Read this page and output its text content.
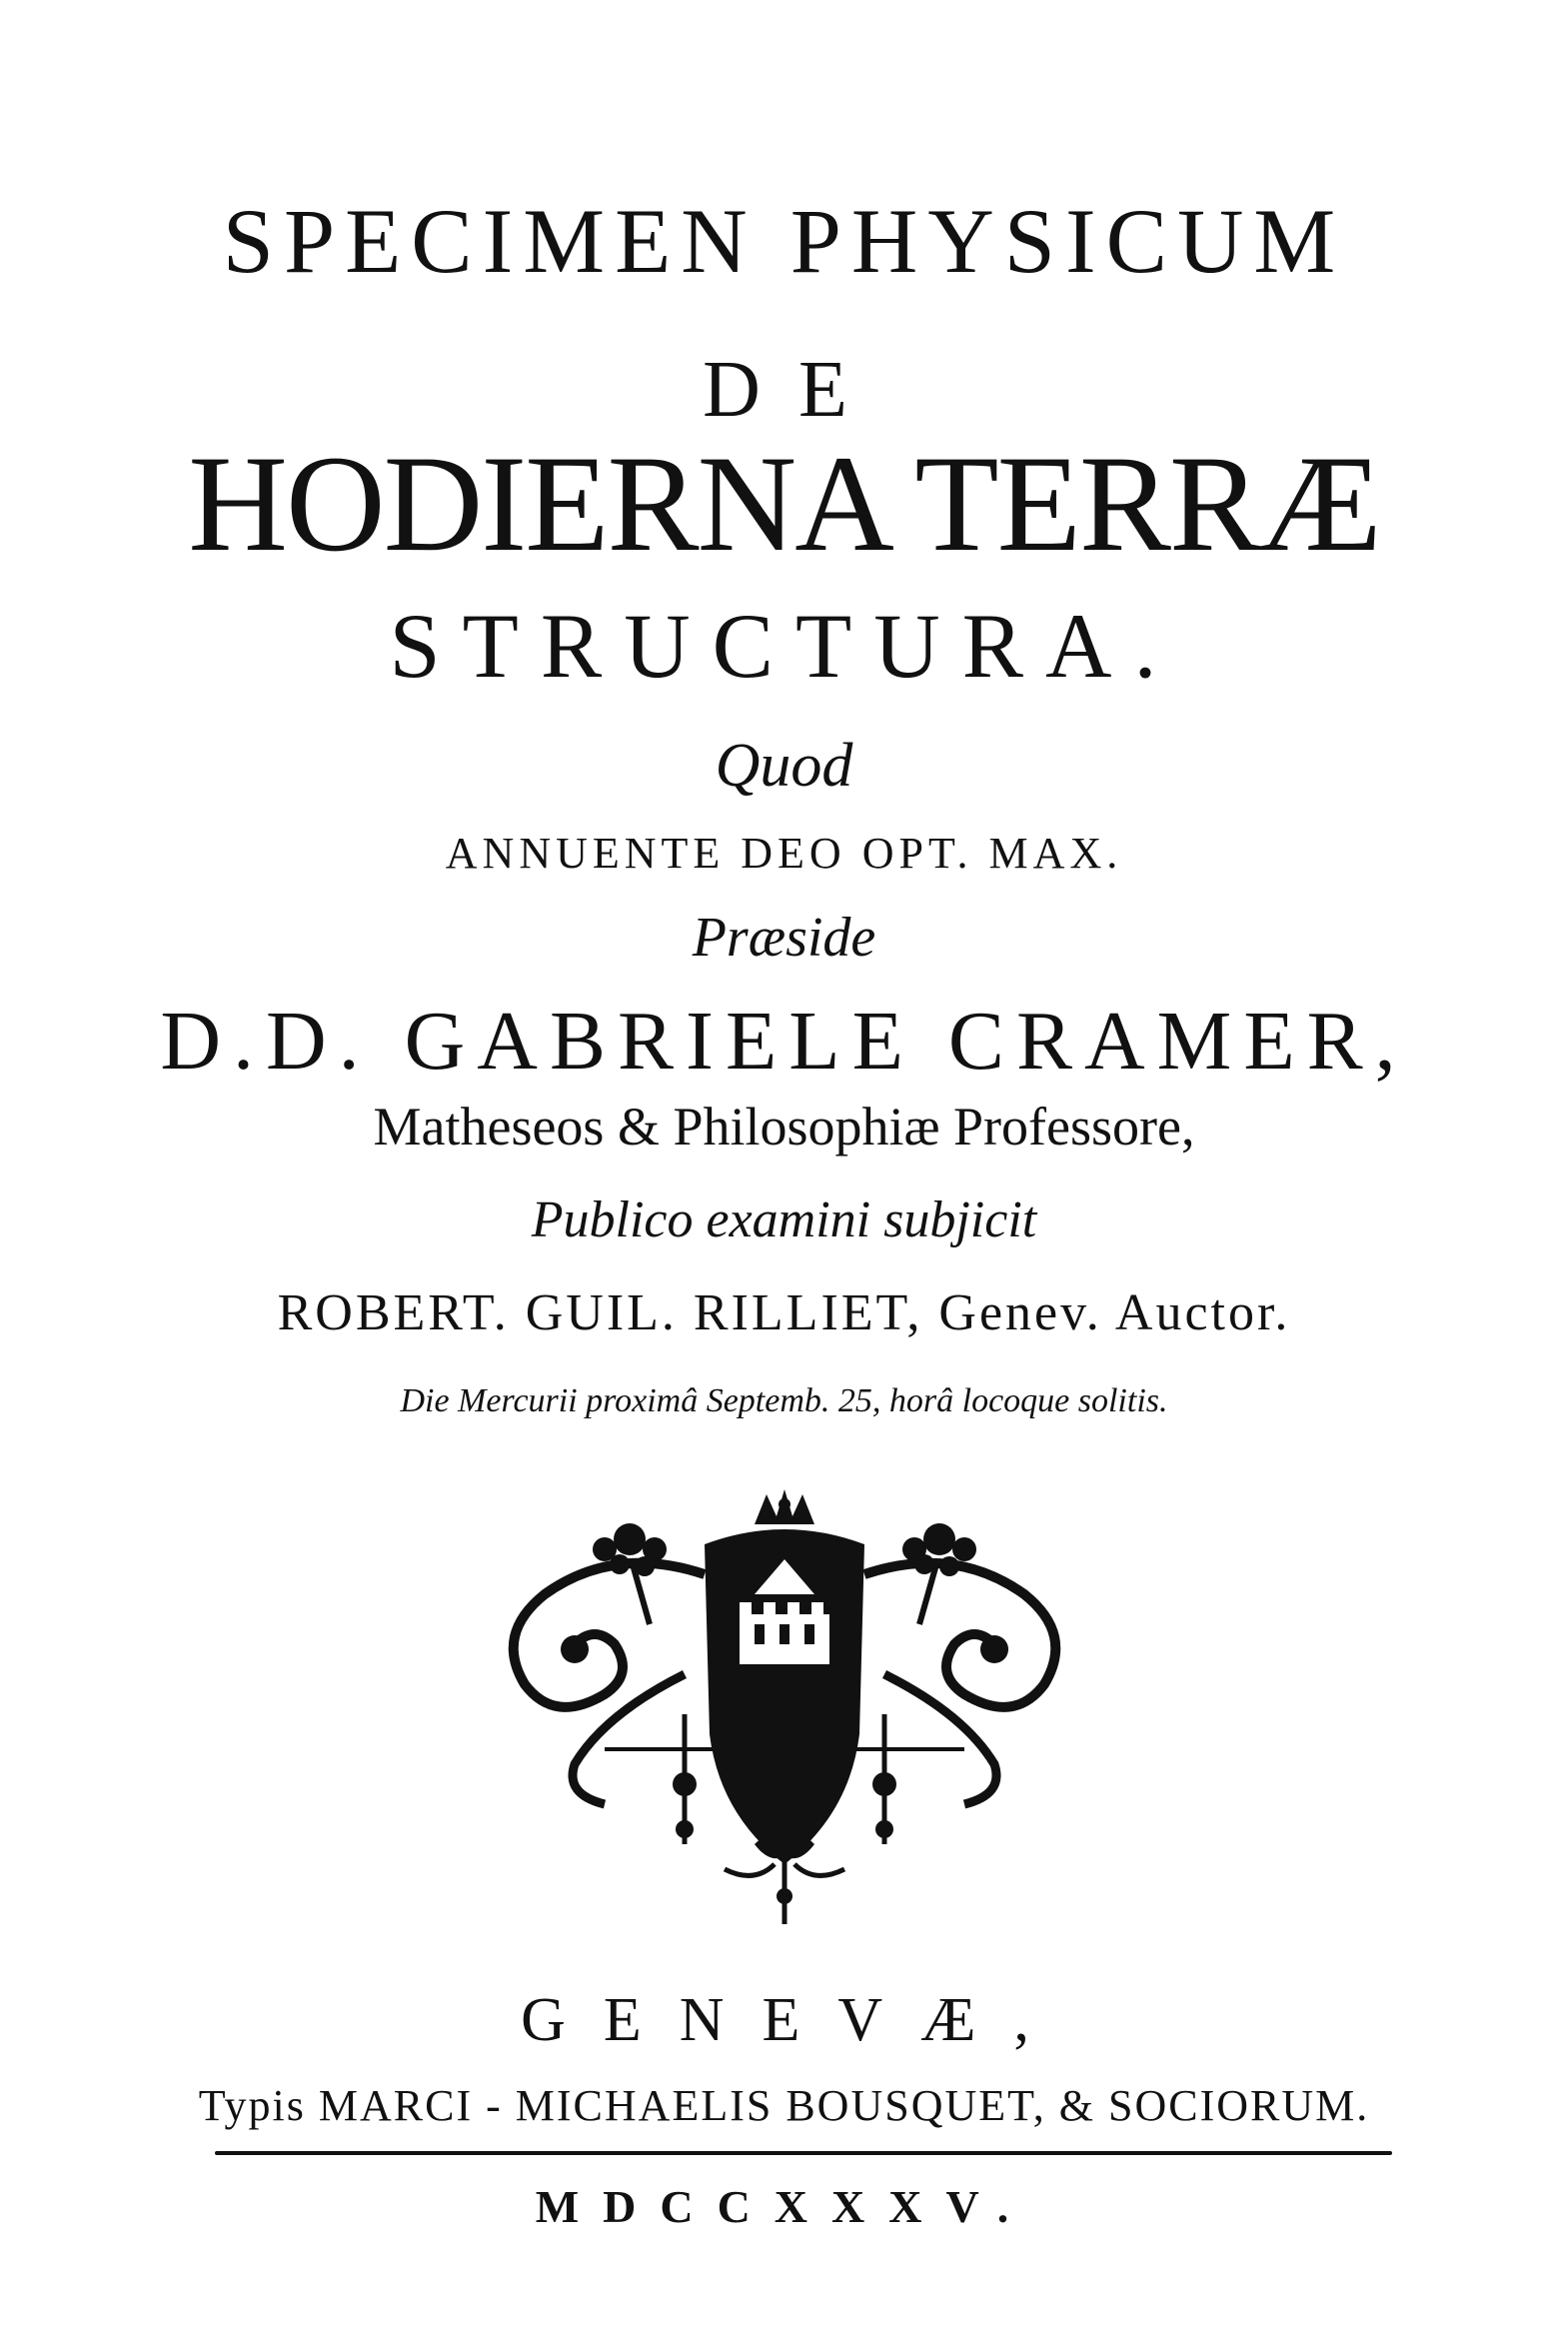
SPECIMEN PHYSICUM
DE
HODIERNA TERRÆ
STRUCTURA.
Quod
ANNUENTE DEO OPT. MAX.
Præside
D.D. GABRIELE CRAMER,
Matheseos & Philosophiæ Professore,
Publico examini subjicit
ROBERT. GUIL. RILLIET, Genev. Auctor.
Die Mercurii proximâ Septemb. 25, horâ locoque solitis.
GENEVÆ,
Typis MARCI - MICHAELIS BOUSQUET, & SOCIORUM.
MDCCXXXV.
